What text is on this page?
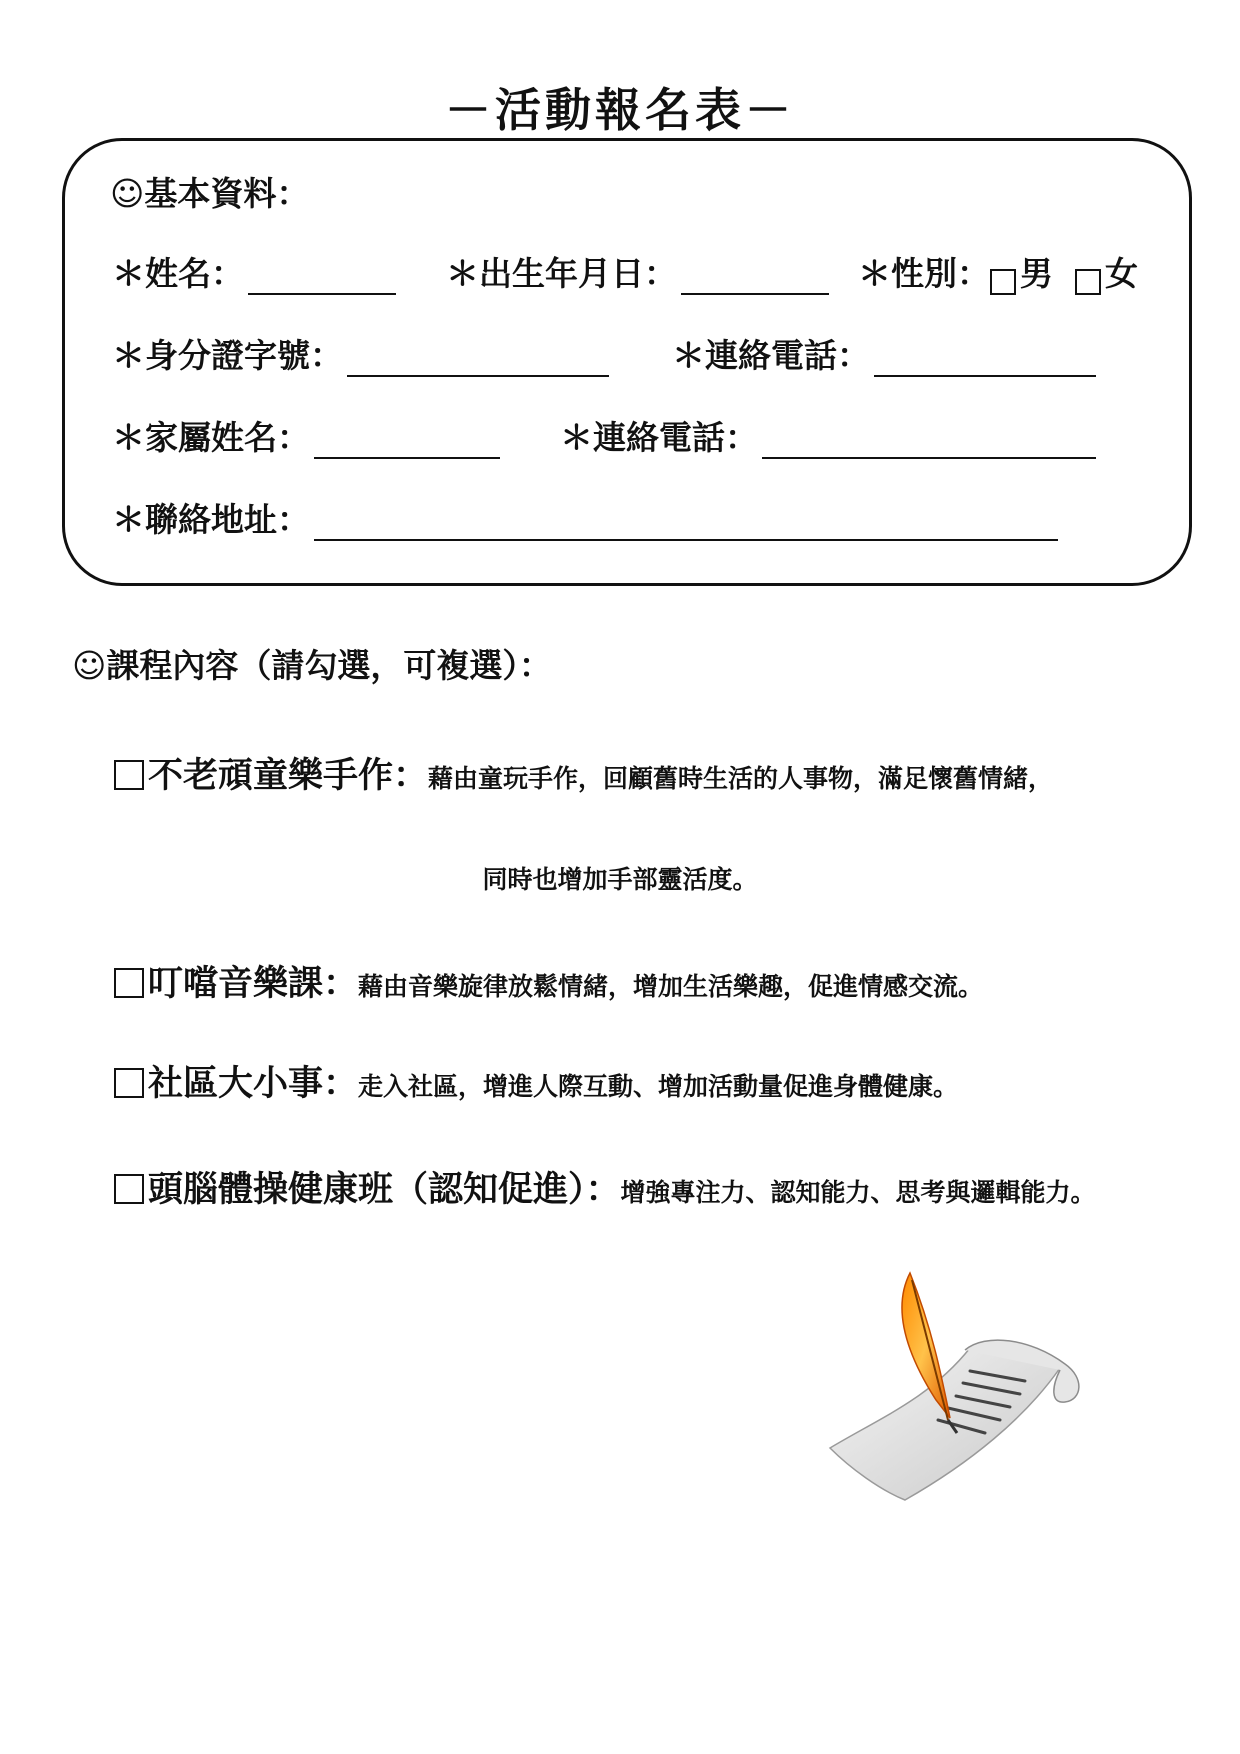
－活動報名表－
☺基本資料：
＊姓名：	＊出生年月日：	＊性別： 男 女
＊身分證字號：	＊連絡電話：
＊家屬姓名：	＊連絡電話：
＊聯絡地址：
☺課程內容（請勾選，可複選）：
不老頑童樂手作：藉由童玩手作，回顧舊時生活的人事物，滿足懷舊情緒，
同時也增加手部靈活度。
叮噹音樂課：藉由音樂旋律放鬆情緒，增加生活樂趣，促進情感交流。
社區大小事：走入社區，增進人際互動、增加活動量促進身體健康。
頭腦體操健康班（認知促進）：增強專注力、認知能力、思考與邏輯能力。
